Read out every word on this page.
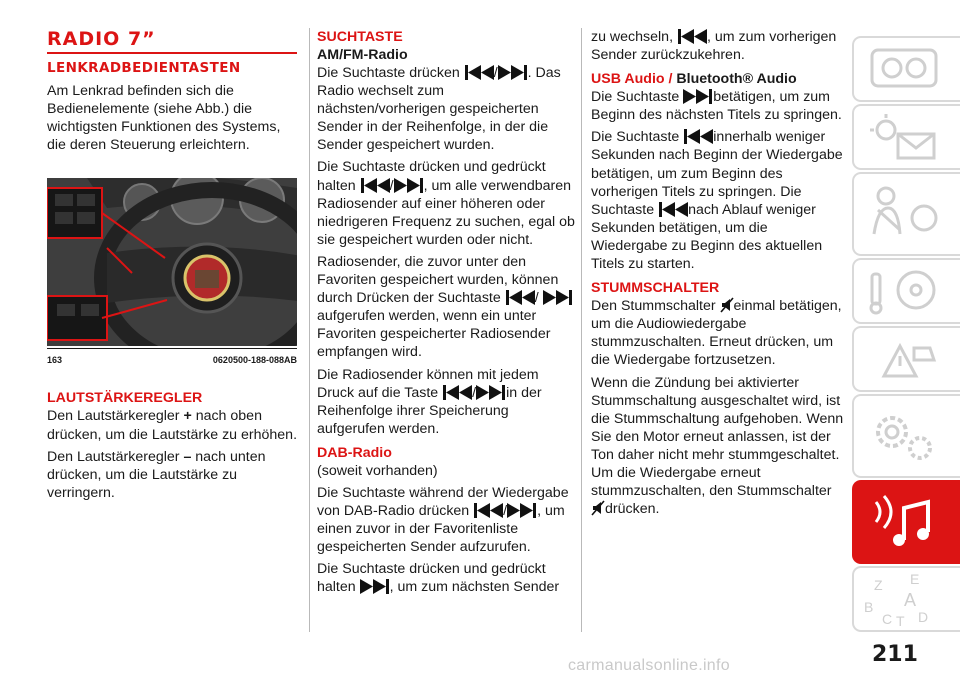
RADIO 7”
LENKRADBEDIENTASTEN

Am Lenkrad befinden sich die Bedienelemente (siehe Abb.) die wichtigsten Funktionen des Systems, die deren Steuerung erleichtern.

163	0620500-188-088AB
LAUTSTÄRKEREGLER

Den Lautstärkeregler + nach oben drücken, um die Lautstärke zu erhöhen.

Den Lautstärkeregler – nach unten drücken, um die Lautstärke zu verringern.

SUCHTASTE
AM/FM-Radio

Die Suchtaste drücken / . Das Radio wechselt zum nächsten/vorherigen gespeicherten Sender in der Reihenfolge, in der die Sender gespeichert wurden.

Die Suchtaste drücken und gedrückt halten / , um alle verwendbaren Radiosender auf einer höheren oder niedrigeren Frequenz zu suchen, egal ob sie gespeichert wurden oder nicht.

Radiosender, die zuvor unter den Favoriten gespeichert wurden, können durch Drücken der Suchtaste / aufgerufen werden, wenn ein unter Favoriten gespeicherter Radiosender empfangen wird.

Die Radiosender können mit jedem Druck auf die Taste / in der Reihenfolge ihrer Speicherung aufgerufen werden.

DAB-Radio

(soweit vorhanden)

Die Suchtaste während der Wiedergabe von DAB-Radio drücken / , um einen zuvor in der Favoritenliste gespeicherten Sender aufzurufen.

Die Suchtaste drücken und gedrückt halten , um zum nächsten Sender

zu wechseln, , um zum vorherigen Sender zurückzukehren.

USB Audio / Bluetooth® Audio

Die Suchtaste betätigen, um zum Beginn des nächsten Titels zu springen.

Die Suchtaste innerhalb weniger Sekunden nach Beginn der Wiedergabe betätigen, um zum Beginn des vorherigen Titels zu springen. Die Suchtaste nach Ablauf weniger Sekunden betätigen, um die Wiedergabe zu Beginn des aktuellen Titels zu starten.

STUMMSCHALTER

Den Stummschalter einmal betätigen, um die Audiowiedergabe stummzuschalten. Erneut drücken, um die Wiedergabe fortzusetzen.

Wenn die Zündung bei aktivierter Stummschaltung ausgeschaltet wird, ist die Stummschaltung aufgehoben. Wenn Sie den Motor erneut anlassen, ist der Ton daher nicht mehr stummgeschaltet. Um die Wiedergabe erneut stummzuschalten, den Stummschalter drücken.

Z E
B A
C T D
211
carmanualsonline.info
